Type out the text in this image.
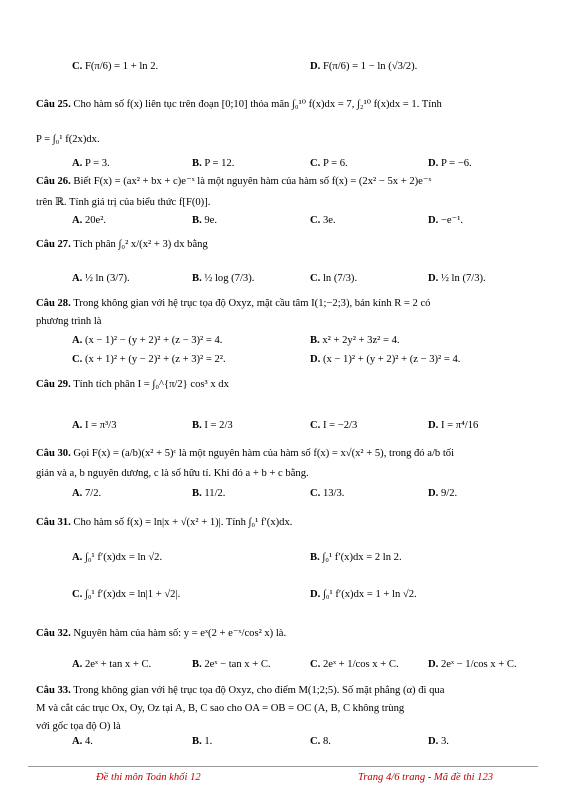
C. F(π/6) = 1 + ln 2.	D. F(π/6) = 1 − ln (√3/2).
Câu 25. Cho hàm số f(x) liên tục trên đoạn [0;10] thỏa mãn ∫₀¹⁰ f(x)dx = 7, ∫₂¹⁰ f(x)dx = 1. Tính
P = ∫₀¹ f(2x)dx.
A. P = 3.	B. P = 12.	C. P = 6.	D. P = −6.
Câu 26. Biết F(x) = (ax² + bx + c)e⁻ˣ là một nguyên hàm của hàm số f(x) = (2x² − 5x + 2)e⁻ˣ
trên ℝ. Tính giá trị của biểu thức f[F(0)].
A. 20e².	B. 9e.	C. 3e.	D. −e⁻¹.
Câu 27. Tích phân ∫₀² x/(x² + 3) dx bằng
A. ½ ln (3/7).	B. ½ log (7/3).	C. ln (7/3).	D. ½ ln (7/3).
Câu 28. Trong không gian với hệ trục tọa độ Oxyz, mặt cầu tâm I(1;−2;3), bán kính R = 2 có
phương trình là
A. (x − 1)² − (y + 2)² + (z − 3)² = 4.	B. x² + 2y² + 3z² = 4.
C. (x + 1)² + (y − 2)² + (z + 3)² = 2².	D. (x − 1)² + (y + 2)² + (z − 3)² = 4.
Câu 29. Tính tích phân I = ∫₀^{π/2} cos³ x dx
A. I = π³/3	B. I = 2/3	C. I = −2/3	D. I = π⁴/16
Câu 30. Gọi F(x) = (a/b)(x² + 5)ᶜ là một nguyên hàm của hàm số f(x) = x√(x² + 5), trong đó a/b tối
giản và a, b nguyên dương, c là số hữu tỉ. Khi đó a + b + c bằng.
A. 7/2.	B. 11/2.	C. 13/3.	D. 9/2.
Câu 31. Cho hàm số f(x) = ln|x + √(x² + 1)|. Tính ∫₀¹ f′(x)dx.
A. ∫₀¹ f′(x)dx = ln √2.	B. ∫₀¹ f′(x)dx = 2 ln 2.
C. ∫₀¹ f′(x)dx = ln|1 + √2|.	D. ∫₀¹ f′(x)dx = 1 + ln √2.
Câu 32. Nguyên hàm của hàm số: y = eˣ(2 + e⁻ˣ/cos² x) là.
A. 2eˣ + tan x + C.	B. 2eˣ − tan x + C.	C. 2eˣ + 1/cos x + C.	D. 2eˣ − 1/cos x + C.
Câu 33. Trong không gian với hệ trục tọa độ Oxyz, cho điểm M(1;2;5). Số mặt phẳng (α) đi qua
M và cắt các trục Ox, Oy, Oz tại A, B, C sao cho OA = OB = OC (A, B, C không trùng
với gốc tọa độ O) là
A. 4.	B. 1.	C. 8.	D. 3.
Đề thi môn Toán khối 12	Trang 4/6 trang - Mã đề thi 123
